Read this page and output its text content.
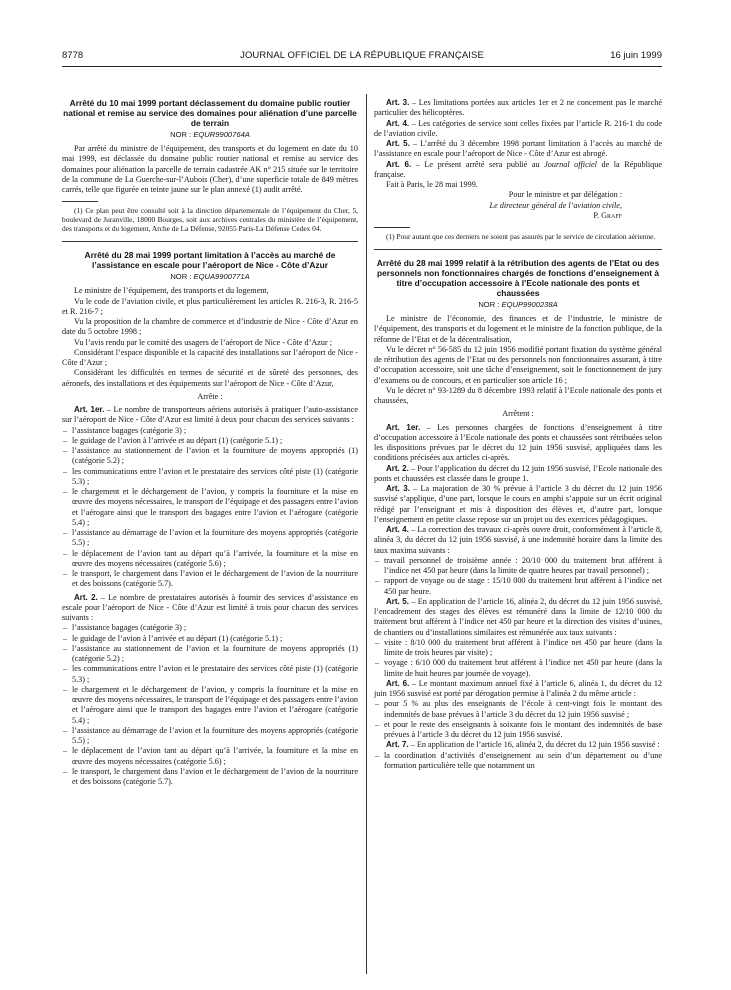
8778	JOURNAL OFFICIEL DE LA RÉPUBLIQUE FRANÇAISE	16 juin 1999

Arrêté du 10 mai 1999 portant déclassement du domaine public routier national et remise au service des domaines pour aliénation d’une parcelle de terrain

NOR : EQUR9900764A

Par arrêté du ministre de l’équipement, des transports et du logement en date du 10 mai 1999, est déclassée du domaine public routier national et remise au service des domaines pour aliénation la parcelle de terrain cadastrée AK n° 215 située sur le territoire de la commune de La Guerche-sur-l’Aubois (Cher), d’une superficie totale de 849 mètres carrés, telle que figurée en teinte jaune sur le plan annexé (1) audit arrêté.

(1) Ce plan peut être consulté soit à la direction départementale de l’équipement du Cher, 5, boulevard de Juranville, 18000 Bourges, soit aux archives centrales du ministère de l’équipement, des transports et du logement, Arche de La Défense, 92055 Paris-La Défense Cedex 04.

Arrêté du 28 mai 1999 portant limitation à l’accès au marché de l’assistance en escale pour l’aéroport de Nice - Côte d’Azur

NOR : EQUA9900771A

Le ministre de l’équipement, des transports et du logement,

Vu le code de l’aviation civile, et plus particulièrement les articles R. 216-3, R. 216-5 et R. 216-7 ;

Vu la proposition de la chambre de commerce et d’industrie de Nice - Côte d’Azur en date du 5 octobre 1998 ;

Vu l’avis rendu par le comité des usagers de l’aéroport de Nice - Côte d’Azur ;

Considérant l’espace disponible et la capacité des installations sur l’aéroport de Nice - Côte d’Azur ;

Considérant les difficultés en termes de sécurité et de sûreté des personnes, des aéronefs, des installations et des équipements sur l’aéroport de Nice - Côte d’Azur,

Arrête :

Art. 1er. – Le nombre de transporteurs aériens autorisés à pratiquer l’auto-assistance sur l’aéroport de Nice - Côte d’Azur est limité à deux pour chacun des services suivants :

– l’assistance bagages (catégorie 3) ;
– le guidage de l’avion à l’arrivée et au départ (1) (catégorie 5.1) ;
– l’assistance au stationnement de l’avion et la fourniture de moyens appropriés (1) (catégorie 5.2) ;
– les communications entre l’avion et le prestataire des services côté piste (1) (catégorie 5.3) ;
– le chargement et le déchargement de l’avion, y compris la fourniture et la mise en œuvre des moyens nécessaires, le transport de l’équipage et des passagers entre l’avion et l’aérogare ainsi que le transport des bagages entre l’avion et l’aérogare (catégorie 5.4) ;
– l’assistance au démarrage de l’avion et la fourniture des moyens appropriés (catégorie 5.5) ;
– le déplacement de l’avion tant au départ qu’à l’arrivée, la fourniture et la mise en œuvre des moyens nécessaires (catégorie 5.6) ;
– le transport, le chargement dans l’avion et le déchargement de l’avion de la nourriture et des boissons (catégorie 5.7).

Art. 2. – Le nombre de prestataires autorisés à fournir des services d’assistance en escale pour l’aéroport de Nice - Côte d’Azur est limité à trois pour chacun des services suivants :

– l’assistance bagages (catégorie 3) ;
– le guidage de l’avion à l’arrivée et au départ (1) (catégorie 5.1) ;
– l’assistance au stationnement de l’avion et la fourniture de moyens appropriés (1) (catégorie 5.2) ;
– les communications entre l’avion et le prestataire des services côté piste (1) (catégorie 5.3) ;
– le chargement et le déchargement de l’avion, y compris la fourniture et la mise en œuvre des moyens nécessaires, le transport de l’équipage et des passagers entre l’avion et l’aérogare ainsi que le transport des bagages entre l’avion et l’aérogare (catégorie 5.4) ;
– l’assistance au démarrage de l’avion et la fourniture des moyens appropriés (catégorie 5.5) ;
– le déplacement de l’avion tant au départ qu’à l’arrivée, la fourniture et la mise en œuvre des moyens nécessaires (catégorie 5.6) ;
– le transport, le chargement dans l’avion et le déchargement de l’avion de la nourriture et des boissons (catégorie 5.7).

Art. 3. – Les limitations portées aux articles 1er et 2 ne concernent pas le marché particulier des hélicoptères.

Art. 4. – Les catégories de service sont celles fixées par l’article R. 216-1 du code de l’aviation civile.

Art. 5. – L’arrêté du 3 décembre 1998 portant limitation à l’accès au marché de l’assistance en escale pour l’aéroport de Nice - Côte d’Azur est abrogé.

Art. 6. – Le présent arrêté sera publié au Journal officiel de la République française.

Fait à Paris, le 28 mai 1999.

Pour le ministre et par délégation :

Le directeur général de l’aviation civile,

P. Graff

(1) Pour autant que ces derniers ne soient pas assurés par le service de circulation aérienne.

Arrêté du 28 mai 1999 relatif à la rétribution des agents de l’Etat ou des personnels non fonctionnaires chargés de fonctions d’enseignement à titre d’occupation accessoire à l’Ecole nationale des ponts et chaussées

NOR : EQUP9900238A

Le ministre de l’économie, des finances et de l’industrie, le ministre de l’équipement, des transports et du logement et le ministre de la fonction publique, de la réforme de l’Etat et de la décentralisation,

Vu le décret n° 56-585 du 12 juin 1956 modifié portant fixation du système général de rétribution des agents de l’Etat ou des personnels non fonctionnaires assurant, à titre d’occupation accessoire, soit une tâche d’enseignement, soit le fonctionnement de jury d’examens ou de concours, et en particulier son article 16 ;

Vu le décret n° 93-1289 du 8 décembre 1993 relatif à l’Ecole nationale des ponts et chaussées,

Arrêtent :

Art. 1er. – Les personnes chargées de fonctions d’enseignement à titre d’occupation accessoire à l’Ecole nationale des ponts et chaussées sont rétribuées selon les dispositions prévues par le décret du 12 juin 1956 susvisé, appliquées dans les conditions précisées aux articles ci-après.

Art. 2. – Pour l’application du décret du 12 juin 1956 susvisé, l’Ecole nationale des ponts et chaussées est classée dans le groupe 1.

Art. 3. – La majoration de 30 % prévue à l’article 3 du décret du 12 juin 1956 susvisé s’applique, d’une part, lorsque le cours en amphi s’appuie sur un écrit original rédigé par l’enseignant et mis à disposition des élèves et, d’autre part, lorsque l’enseignement en petite classe repose sur un projet ou des exercices pédagogiques.

Art. 4. – La correction des travaux ci-après ouvre droit, conformément à l’article 8, alinéa 3, du décret du 12 juin 1956 susvisé, à une indemnité horaire dans la limite des taux maxima suivants :

– travail personnel de troisième année : 20/10 000 du traitement brut afférent à l’indice net 450 par heure (dans la limite de quatre heures par travail personnel) ;
– rapport de voyage ou de stage : 15/10 000 du traitement brut afférent à l’indice net 450 par heure.

Art. 5. – En application de l’article 16, alinéa 2, du décret du 12 juin 1956 susvisé, l’encadrement des stages des élèves est rémunéré dans la limite de 12/10 000 du traitement brut afférent à l’indice net 450 par heure et la direction des visites d’usines, de chantiers ou d’installations similaires est rémunérée aux taux suivants :

– visite : 8/10 000 du traitement brut afférent à l’indice net 450 par heure (dans la limite de trois heures par visite) ;
– voyage : 6/10 000 du traitement brut afférent à l’indice net 450 par heure (dans la limite de huit heures par journée de voyage).

Art. 6. – Le montant maximum annuel fixé à l’article 6, alinéa 1, du décret du 12 juin 1956 susvisé est porté par dérogation permise à l’alinéa 2 du même article :

– pour 5 % au plus des enseignants de l’école à cent-vingt fois le montant des indemnités de base prévues à l’article 3 du décret du 12 juin 1956 susvisé ;
– et pour le reste des enseignants à soixante fois le montant des indemnités de base prévues à l’article 3 du décret du 12 juin 1956 susvisé.

Art. 7. – En application de l’article 16, alinéa 2, du décret du 12 juin 1956 susvisé :

– la coordination d’activités d’enseignement au sein d’un département ou d’une formation particulière telle que notamment un
